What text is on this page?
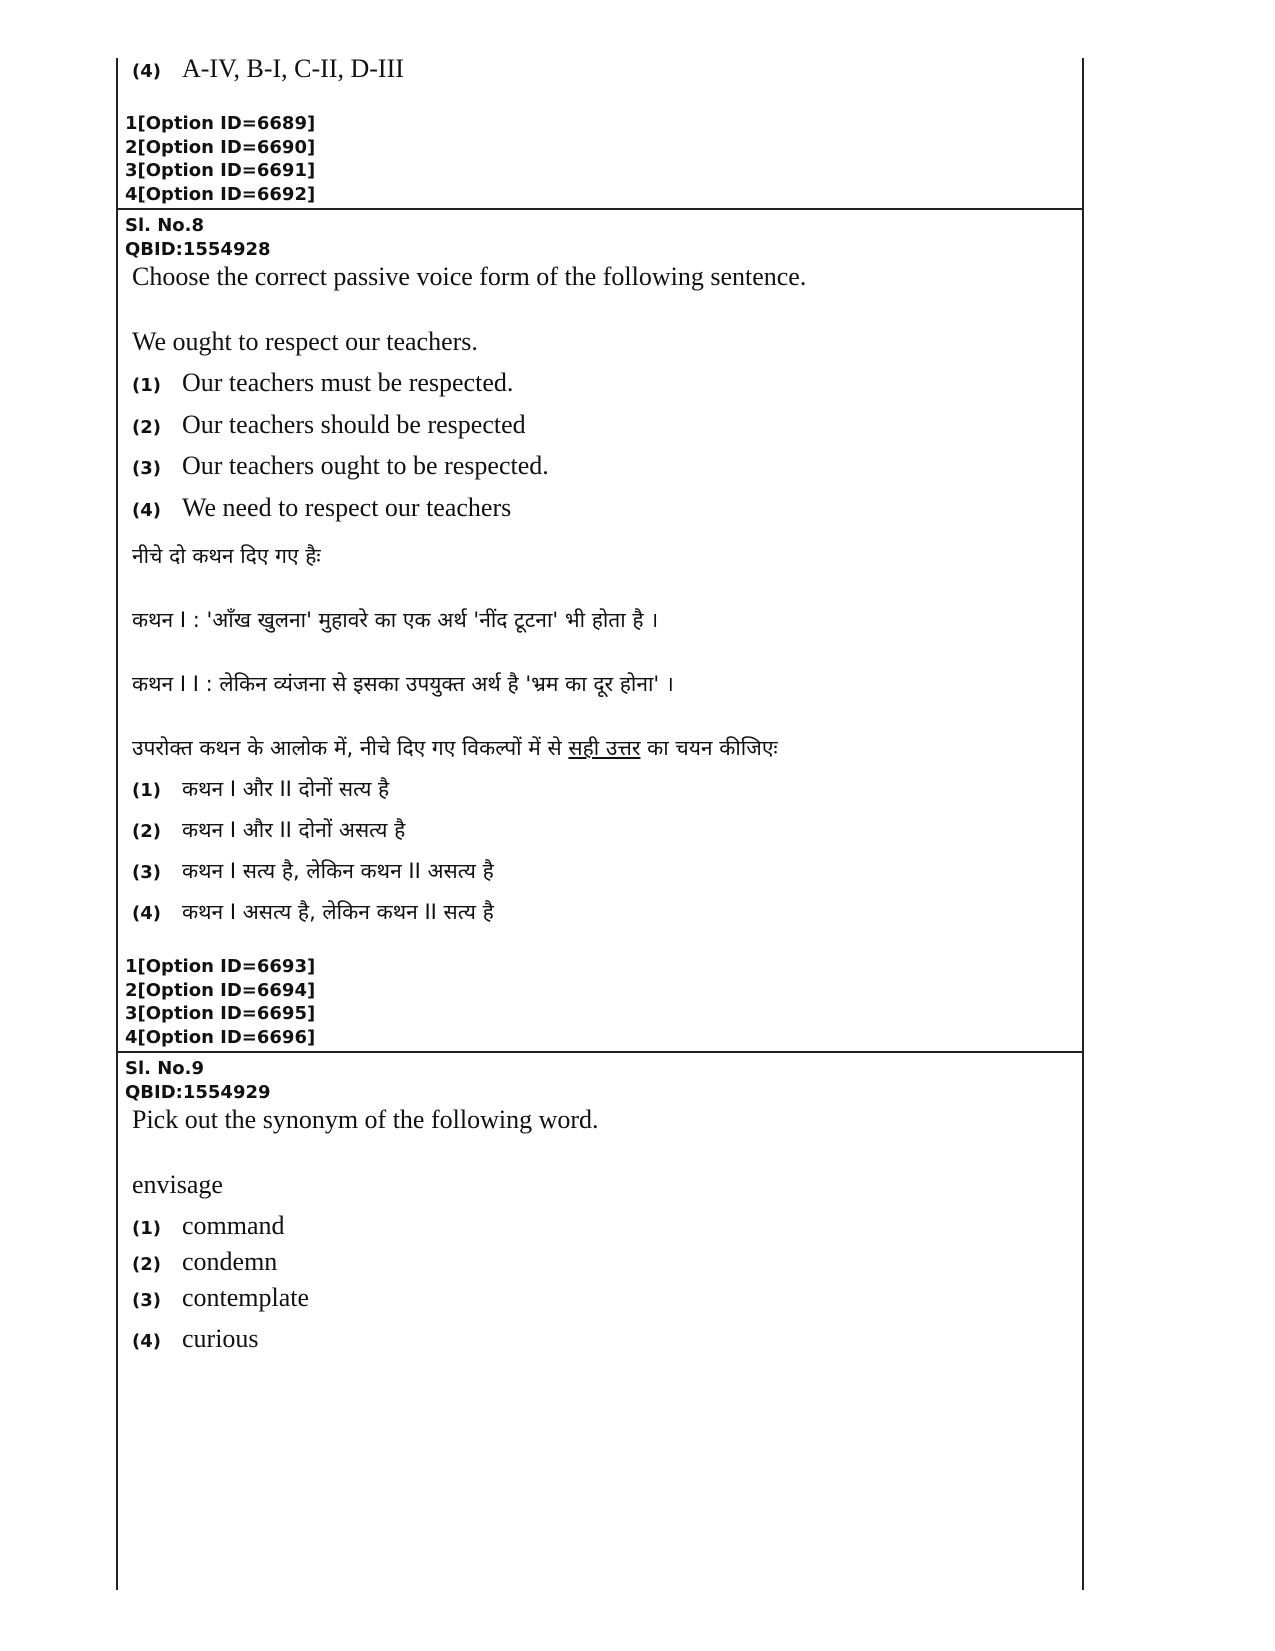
(4) A-IV, B-I, C-II, D-III
1[Option ID=6689]
2[Option ID=6690]
3[Option ID=6691]
4[Option ID=6692]
Sl. No.8
QBID:1554928
Choose the correct passive voice form of the following sentence.
We ought to respect our teachers.
(1) Our teachers must be respected.
(2) Our teachers should be respected
(3) Our teachers ought to be respected.
(4) We need to respect our teachers
नीचे दो कथन दिए गए हैः
कथन I : 'आँख खुलना' मुहावरे का एक अर्थ 'नींद टूटना' भी होता है ।
कथन I I : लेकिन व्यंजना से इसका उपयुक्त अर्थ है 'भ्रम का दूर होना' ।
उपरोक्त कथन के आलोक में, नीचे दिए गए विकल्पों में से सही उत्तर का चयन कीजिएः
(1) कथन I और II दोनों सत्य है
(2) कथन I और II दोनों असत्य है
(3) कथन I सत्य है, लेकिन कथन II असत्य है
(4) कथन I असत्य है, लेकिन कथन II सत्य है
1[Option ID=6693]
2[Option ID=6694]
3[Option ID=6695]
4[Option ID=6696]
Sl. No.9
QBID:1554929
Pick out the synonym of the following word.
envisage
(1) command
(2) condemn
(3) contemplate
(4) curious
